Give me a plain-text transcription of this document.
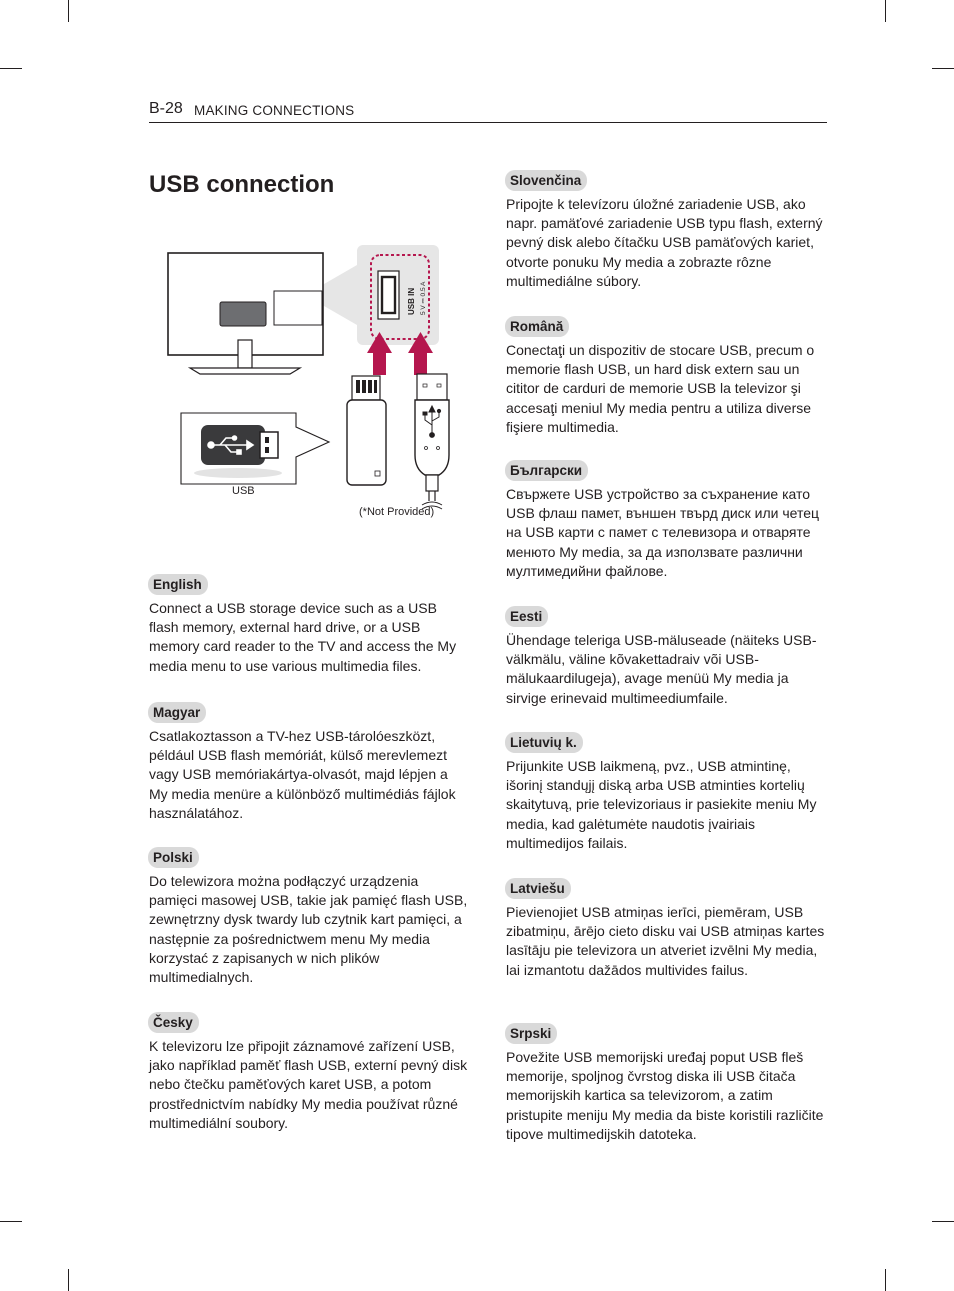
B-28 MAKING CONNECTIONS
USB connection
USB IN 5 V ⎓ 0.5 A
USB
(*Not Provided)
English
Connect a USB storage device such as a USB flash memory, external hard drive, or a USB memory card reader to the TV and access the My media menu to use various multimedia files.
Magyar
Csatlakoztasson a TV-hez USB-tárolóeszközt, például USB flash memóriát, külső merevlemezt vagy USB memóriakártya-olvasót, majd lépjen a My media menüre a különböző multimédiás fájlok használatához.
Polski
Do telewizora można podłączyć urządzenia pamięci masowej USB, takie jak pamięć flash USB, zewnętrzny dysk twardy lub czytnik kart pamięci, a następnie za pośrednictwem menu My media korzystać z zapisanych w nich plików multimedialnych.
Česky
K televizoru lze připojit záznamové zařízení USB, jako například paměť flash USB, externí pevný disk nebo čtečku paměťových karet USB, a potom prostřednictvím nabídky My media používat různé multimediální soubory.
Slovenčina
Pripojte k televízoru úložné zariadenie USB, ako napr. pamäťové zariadenie USB typu flash, externý pevný disk alebo čítačku USB pamäťových kariet, otvorte ponuku My media a zobrazte rôzne multimediálne súbory.
Română
Conectaţi un dispozitiv de stocare USB, precum o memorie flash USB, un hard disk extern sau un cititor de carduri de memorie USB la televizor şi accesaţi meniul My media pentru a utiliza diverse fişiere multimedia.
Български
Свържете USB устройство за съхранение като USB флаш памет, външен твърд диск или четец на USB карти с памет с телевизора и отваряте менюто My media, за да използвате различни мултимедийни файлове.
Eesti
Ühendage teleriga USB-mäluseade (näiteks USB-välkmälu, väline kõvakettadraiv või USB-mälukaardilugeja), avage menüü My media ja sirvige erinevaid multimeediumfaile.
Lietuvių k.
Prijunkite USB laikmeną, pvz., USB atmintinę, išorinį standųjį diską arba USB atminties kortelių skaitytuvą, prie televizoriaus ir pasiekite meniu My media, kad galėtumėte naudotis įvairiais multimedijos failais.
Latviešu
Pievienojiet USB atmiņas ierīci, piemēram, USB zibatmiņu, ārējo cieto disku vai USB atmiņas kartes lasītāju pie televizora un atveriet izvēlni My media, lai izmantotu dažādos multivides failus.
Srpski
Povežite USB memorijski uređaj poput USB fleš memorije, spoljnog čvrstog diska ili USB čitača memorijskih kartica sa televizorom, a zatim pristupite meniju My media da biste koristili različite tipove multimedijskih datoteka.
